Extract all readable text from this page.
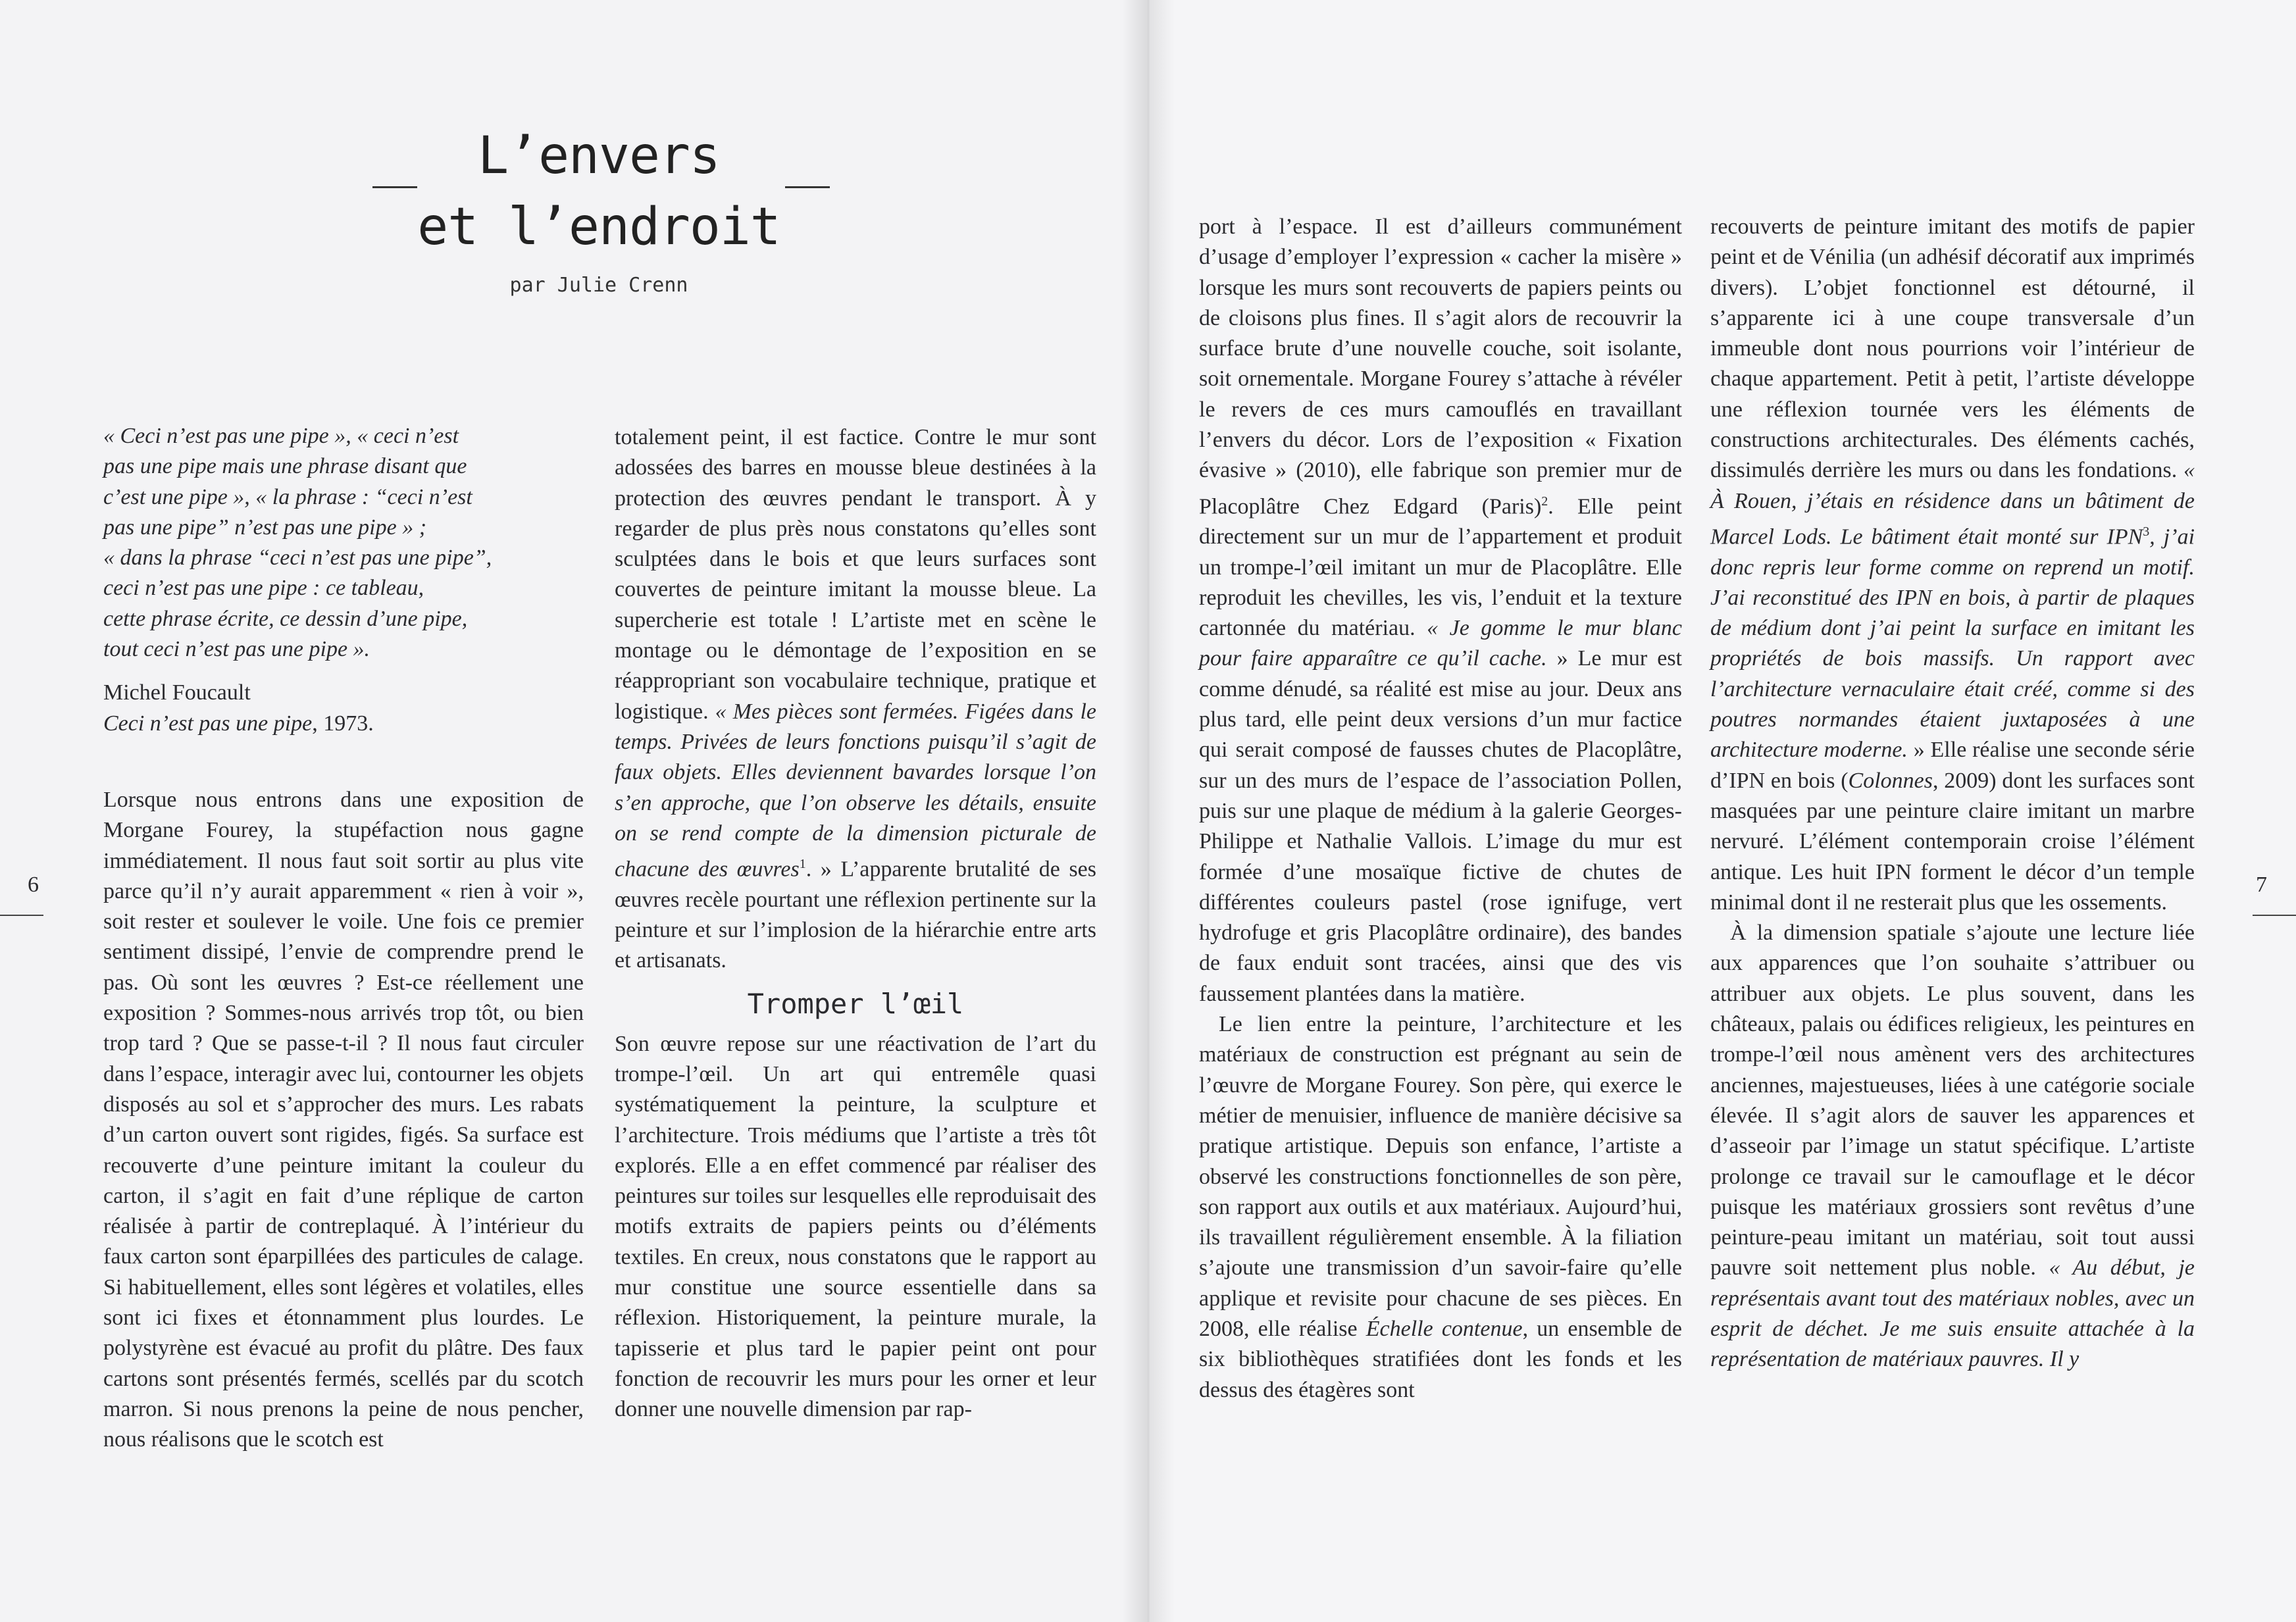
L’envers
et l’endroit
par Julie Crenn

« Ceci n’est pas une pipe », « ceci n’est

pas une pipe mais une phrase disant que

c’est une pipe », « la phrase : “ceci n’est

pas une pipe” n’est pas une pipe » ;

« dans la phrase “ceci n’est pas une pipe”,

ceci n’est pas une pipe : ce tableau,

cette phrase écrite, ce dessin d’une pipe,

tout ceci n’est pas une pipe ».

Michel Foucault

Ceci n’est pas une pipe, 1973.

Lorsque nous entrons dans une exposition de Morgane Fourey, la stupéfaction nous gagne immédiatement. Il nous faut soit sortir au plus vite parce qu’il n’y aurait apparemment « rien à voir », soit rester et soulever le voile. Une fois ce premier sentiment dissipé, l’envie de comprendre prend le pas. Où sont les œuvres ? Est-ce réellement une exposition ? Sommes-nous arrivés trop tôt, ou bien trop tard ? Que se passe-t-il ? Il nous faut circuler dans l’espace, interagir avec lui, contourner les objets disposés au sol et s’approcher des murs. Les rabats d’un carton ouvert sont rigides, figés. Sa surface est recouverte d’une peinture imitant la couleur du carton, il s’agit en fait d’une réplique de carton réalisée à partir de contreplaqué. À l’intérieur du faux carton sont éparpillées des particules de calage. Si habituellement, elles sont légères et volatiles, elles sont ici fixes et étonnamment plus lourdes. Le polystyrène est évacué au profit du plâtre. Des faux cartons sont présentés fermés, scellés par du scotch marron. Si nous prenons la peine de nous pencher, nous réalisons que le scotch est

totalement peint, il est factice. Contre le mur sont adossées des barres en mousse bleue destinées à la protection des œuvres pendant le transport. À y regarder de plus près nous constatons qu’elles sont sculptées dans le bois et que leurs surfaces sont couvertes de peinture imitant la mousse bleue. La supercherie est totale ! L’artiste met en scène le montage ou le démontage de l’exposition en se réappropriant son vocabulaire technique, pratique et logistique. « Mes pièces sont fermées. Figées dans le temps. Privées de leurs fonctions puisqu’il s’agit de faux objets. Elles deviennent bavardes lorsque l’on s’en approche, que l’on observe les détails, ensuite on se rend compte de la dimension picturale de chacune des œuvres$^1$. » L’apparente brutalité de ses œuvres recèle pourtant une réflexion pertinente sur la peinture et sur l’implosion de la hiérarchie entre arts et artisanats.

Tromper l’œil

Son œuvre repose sur une réactivation de l’art du trompe-l’œil. Un art qui entremêle quasi systématiquement la peinture, la sculpture et l’architecture. Trois médiums que l’artiste a très tôt explorés. Elle a en effet commencé par réaliser des peintures sur toiles sur lesquelles elle reproduisait des motifs extraits de papiers peints ou d’éléments textiles. En creux, nous constatons que le rapport au mur constitue une source essentielle dans sa réflexion. Historiquement, la peinture murale, la tapisserie et plus tard le papier peint ont pour fonction de recouvrir les murs pour les orner et leur donner une nouvelle dimension par rap-

6

port à l’espace. Il est d’ailleurs communément d’usage d’employer l’expression « cacher la misère » lorsque les murs sont recouverts de papiers peints ou de cloisons plus fines. Il s’agit alors de recouvrir la surface brute d’une nouvelle couche, soit isolante, soit ornementale. Morgane Fourey s’attache à révéler le revers de ces murs camouflés en travaillant l’envers du décor. Lors de l’exposition « Fixation évasive » (2010), elle fabrique son premier mur de Placoplâtre Chez Edgard (Paris)$^2$. Elle peint directement sur un mur de l’appartement et produit un trompe-l’œil imitant un mur de Placoplâtre. Elle reproduit les chevilles, les vis, l’enduit et la texture cartonnée du matériau. « Je gomme le mur blanc pour faire apparaître ce qu’il cache. » Le mur est comme dénudé, sa réalité est mise au jour. Deux ans plus tard, elle peint deux versions d’un mur factice qui serait composé de fausses chutes de Placoplâtre, sur un des murs de l’espace de l’association Pollen, puis sur une plaque de médium à la galerie Georges-Philippe et Nathalie Vallois. L’image du mur est formée d’une mosaïque fictive de chutes de différentes couleurs pastel (rose ignifuge, vert hydrofuge et gris Placoplâtre ordinaire), des bandes de faux enduit sont tracées, ainsi que des vis faussement plantées dans la matière.

Le lien entre la peinture, l’architecture et les matériaux de construction est prégnant au sein de l’œuvre de Morgane Fourey. Son père, qui exerce le métier de menuisier, influence de manière décisive sa pratique artistique. Depuis son enfance, l’artiste a observé les constructions fonctionnelles de son père, son rapport aux outils et aux matériaux. Aujourd’hui, ils travaillent régulièrement ensemble. À la filiation s’ajoute une transmission d’un savoir-faire qu’elle applique et revisite pour chacune de ses pièces. En 2008, elle réalise Échelle contenue, un ensemble de six bibliothèques stratifiées dont les fonds et les dessus des étagères sont

recouverts de peinture imitant des motifs de papier peint et de Vénilia (un adhésif décoratif aux imprimés divers). L’objet fonctionnel est détourné, il s’apparente ici à une coupe transversale d’un immeuble dont nous pourrions voir l’intérieur de chaque appartement. Petit à petit, l’artiste développe une réflexion tournée vers les éléments de constructions architecturales. Des éléments cachés, dissimulés derrière les murs ou dans les fondations. « À Rouen, j’étais en résidence dans un bâtiment de Marcel Lods. Le bâtiment était monté sur IPN$^3$, j’ai donc repris leur forme comme on reprend un motif. J’ai reconstitué des IPN en bois, à partir de plaques de médium dont j’ai peint la surface en imitant les propriétés de bois massifs. Un rapport avec l’architecture vernaculaire était créé, comme si des poutres normandes étaient juxtaposées à une architecture moderne. » Elle réalise une seconde série d’IPN en bois (Colonnes, 2009) dont les surfaces sont masquées par une peinture claire imitant un marbre nervuré. L’élément contemporain croise l’élément antique. Les huit IPN forment le décor d’un temple minimal dont il ne resterait plus que les ossements.

À la dimension spatiale s’ajoute une lecture liée aux apparences que l’on souhaite s’attribuer ou attribuer aux objets. Le plus souvent, dans les châteaux, palais ou édifices religieux, les peintures en trompe-l’œil nous amènent vers des architectures anciennes, majestueuses, liées à une catégorie sociale élevée. Il s’agit alors de sauver les apparences et d’asseoir par l’image un statut spécifique. L’artiste prolonge ce travail sur le camouflage et le décor puisque les matériaux grossiers sont revêtus d’une peinture-peau imitant un matériau, soit tout aussi pauvre soit nettement plus noble. « Au début, je représentais avant tout des matériaux nobles, avec un esprit de déchet. Je me suis ensuite attachée à la représentation de matériaux pauvres. Il y

7
